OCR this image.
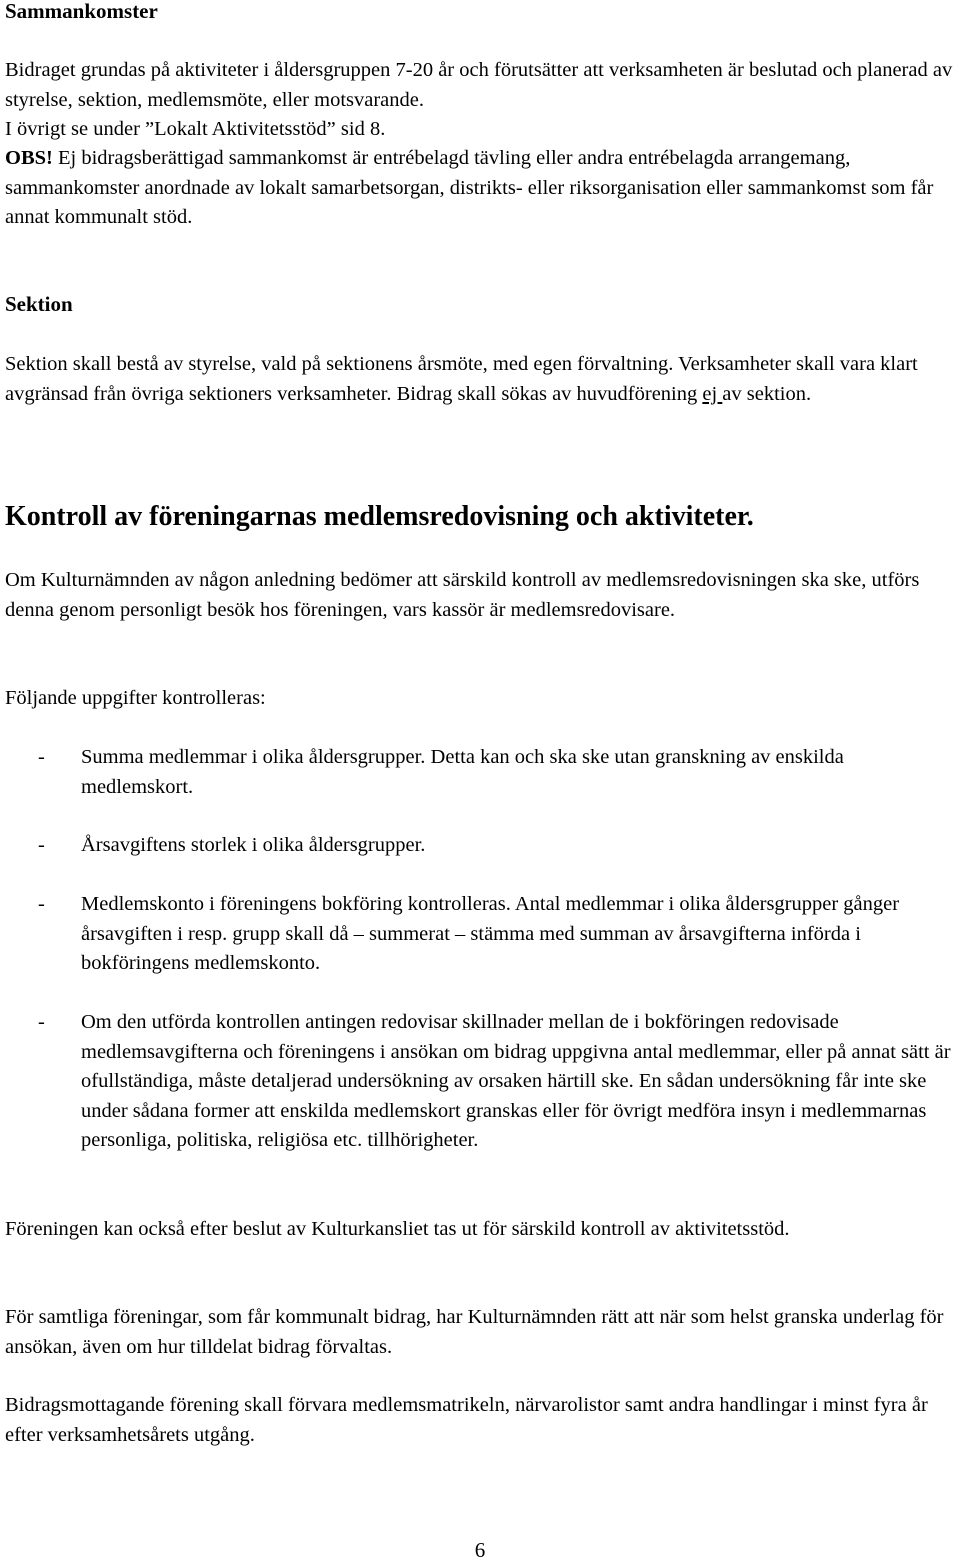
Sammankomster

Bidraget grundas på aktiviteter i åldersgruppen 7-20 år och förutsätter att verksamheten är beslutad och planerad av styrelse, sektion, medlemsmöte, eller motsvarande.

I övrigt se under ”Lokalt Aktivitetsstöd” sid 8.

OBS! Ej bidragsberättigad sammankomst är entrébelagd tävling eller andra entrébelagda arrangemang, sammankomster anordnade av lokalt samarbetsorgan, distrikts- eller riksorganisation eller sammankomst som får annat kommunalt stöd.

Sektion

Sektion skall bestå av styrelse, vald på sektionens årsmöte, med egen förvaltning. Verksamheter skall vara klart avgränsad från övriga sektioners verksamheter. Bidrag skall sökas av huvudförening ej av sektion.

Kontroll av föreningarnas medlemsredovisning och aktiviteter.

Om Kulturnämnden av någon anledning bedömer att särskild kontroll av medlemsredovisningen ska ske, utförs denna genom personligt besök hos föreningen, vars kassör är medlemsredovisare.

Följande uppgifter kontrolleras:

- Summa medlemmar i olika åldersgrupper. Detta kan och ska ske utan granskning av enskilda medlemskort.
- Årsavgiftens storlek i olika åldersgrupper.
- Medlemskonto i föreningens bokföring kontrolleras. Antal medlemmar i olika åldersgrupper gånger årsavgiften i resp. grupp skall då – summerat – stämma med summan av årsavgifterna införda i bokföringens medlemskonto.
- Om den utförda kontrollen antingen redovisar skillnader mellan de i bokföringen redovisade medlemsavgifterna och föreningens i ansökan om bidrag uppgivna antal medlemmar, eller på annat sätt är ofullständiga, måste detaljerad undersökning av orsaken härtill ske. En sådan undersökning får inte ske under sådana former att enskilda medlemskort granskas eller för övrigt medföra insyn i medlemmarnas personliga, politiska, religiösa etc. tillhörigheter.

Föreningen kan också efter beslut av Kulturkansliet tas ut för särskild kontroll av aktivitetsstöd.

För samtliga föreningar, som får kommunalt bidrag, har Kulturnämnden rätt att när som helst granska underlag för ansökan, även om hur tilldelat bidrag förvaltas.

Bidragsmottagande förening skall förvara medlemsmatrikeln, närvarolistor samt andra handlingar i minst fyra år efter verksamhetsårets utgång.

6
